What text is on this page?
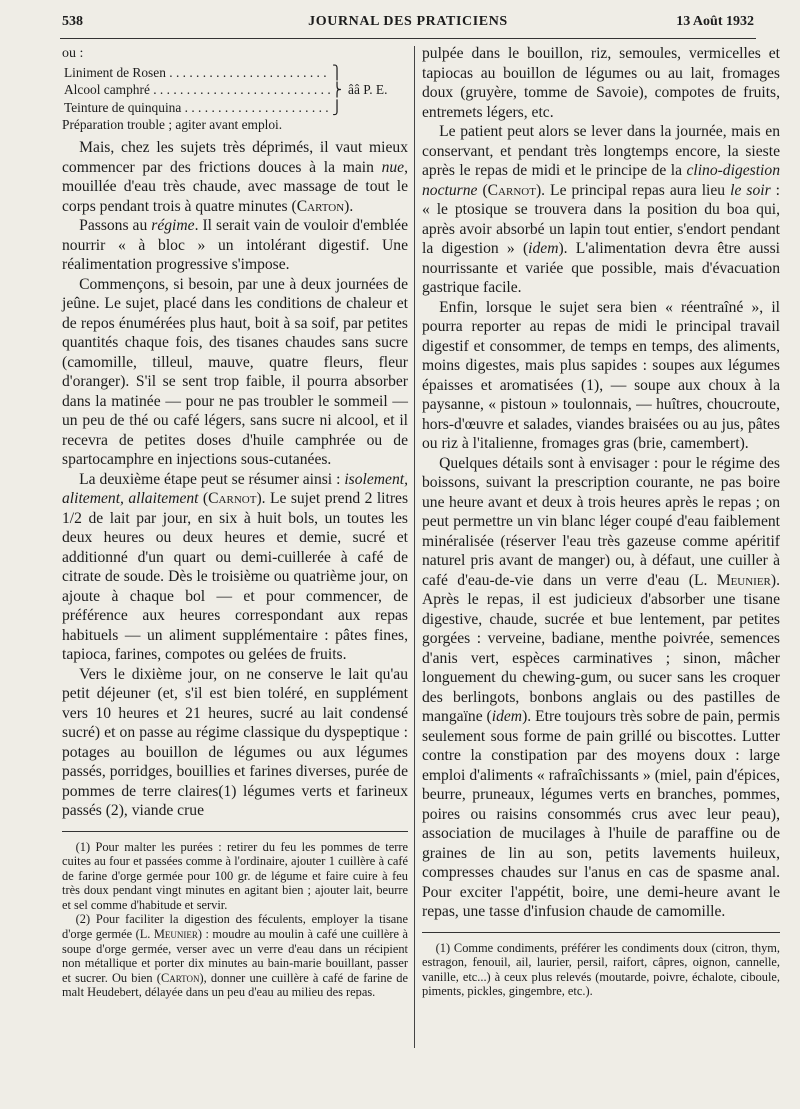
538	JOURNAL DES PRATICIENS	13 Août 1932

ou :

Liniment de Rosen . . .	⎫
Alcool camphré . . .	⎬ ââ P. E.
Teinture de quinquina . . .	⎭

Préparation trouble ; agiter avant emploi.

Mais, chez les sujets très déprimés, il vaut mieux commencer par des frictions douces à la main nue, mouillée d'eau très chaude, avec massage de tout le corps pendant trois à quatre minutes (Carton).

Passons au régime. Il serait vain de vouloir d'emblée nourrir « à bloc » un intolérant digestif. Une réalimentation progressive s'impose.

Commençons, si besoin, par une à deux journées de jeûne. Le sujet, placé dans les conditions de chaleur et de repos énumérées plus haut, boit à sa soif, par petites quantités chaque fois, des tisanes chaudes sans sucre (camomille, tilleul, mauve, quatre fleurs, fleur d'oranger). S'il se sent trop faible, il pourra absorber dans la matinée — pour ne pas troubler le sommeil — un peu de thé ou café légers, sans sucre ni alcool, et il recevra de petites doses d'huile camphrée ou de spartocamphre en injections sous-cutanées.

La deuxième étape peut se résumer ainsi : isolement, alitement, allaitement (Carnot). Le sujet prend 2 litres 1/2 de lait par jour, en six à huit bols, un toutes les deux heures ou deux heures et demie, sucré et additionné d'un quart ou demi-cuillerée à café de citrate de soude. Dès le troisième ou quatrième jour, on ajoute à chaque bol — et pour commencer, de préférence aux heures correspondant aux repas habituels — un aliment supplémentaire : pâtes fines, tapioca, farines, compotes ou gelées de fruits.

Vers le dixième jour, on ne conserve le lait qu'au petit déjeuner (et, s'il est bien toléré, en supplément vers 10 heures et 21 heures, sucré au lait condensé sucré) et on passe au régime classique du dyspeptique : potages au bouillon de légumes ou aux légumes passés, porridges, bouillies et farines diverses, purée de pommes de terre claires(1) légumes verts et farineux passés (2), viande crue

(1) Pour malter les purées : retirer du feu les pommes de terre cuites au four et passées comme à l'ordinaire, ajouter 1 cuillère à café de farine d'orge germée pour 100 gr. de légume et faire cuire à feu très doux pendant vingt minutes en agitant bien ; ajouter lait, beurre et sel comme d'habitude et servir.

(2) Pour faciliter la digestion des féculents, employer la tisane d'orge germée (L. Meunier) : moudre au moulin à café une cuillère à soupe d'orge germée, verser avec un verre d'eau dans un récipient non métallique et porter dix minutes au bain-marie bouillant, passer et sucrer. Ou bien (Carton), donner une cuillère à café de farine de malt Heudebert, délayée dans un peu d'eau au milieu des repas.

pulpée dans le bouillon, riz, semoules, vermicelles et tapiocas au bouillon de légumes ou au lait, fromages doux (gruyère, tomme de Savoie), compotes de fruits, entremets légers, etc.

Le patient peut alors se lever dans la journée, mais en conservant, et pendant très longtemps encore, la sieste après le repas de midi et le principe de la clino-digestion nocturne (Carnot). Le principal repas aura lieu le soir : « le ptosique se trouvera dans la position du boa qui, après avoir absorbé un lapin tout entier, s'endort pendant la digestion » (idem). L'alimentation devra être aussi nourrissante et variée que possible, mais d'évacuation gastrique facile.

Enfin, lorsque le sujet sera bien « réentraîné », il pourra reporter au repas de midi le principal travail digestif et consommer, de temps en temps, des aliments, moins digestes, mais plus sapides : soupes aux légumes épaisses et aromatisées (1), — soupe aux choux à la paysanne, « pistoun » toulonnais, — huîtres, choucroute, hors-d'œuvre et salades, viandes braisées ou au jus, pâtes ou riz à l'italienne, fromages gras (brie, camembert).

Quelques détails sont à envisager : pour le régime des boissons, suivant la prescription courante, ne pas boire une heure avant et deux à trois heures après le repas ; on peut permettre un vin blanc léger coupé d'eau faiblement minéralisée (réserver l'eau très gazeuse comme apéritif naturel pris avant de manger) ou, à défaut, une cuiller à café d'eau-de-vie dans un verre d'eau (L. Meunier). Après le repas, il est judicieux d'absorber une tisane digestive, chaude, sucrée et bue lentement, par petites gorgées : verveine, badiane, menthe poivrée, semences d'anis vert, espèces carminatives ; sinon, mâcher longuement du chewing-gum, ou sucer sans les croquer des berlingots, bonbons anglais ou des pastilles de mangaïne (idem). Etre toujours très sobre de pain, permis seulement sous forme de pain grillé ou biscottes. Lutter contre la constipation par des moyens doux : large emploi d'aliments « rafraîchissants » (miel, pain d'épices, beurre, pruneaux, légumes verts en branches, pommes, poires ou raisins consommés crus avec leur peau), association de mucilages à l'huile de paraffine ou de graines de lin au son, petits lavements huileux, compresses chaudes sur l'anus en cas de spasme anal. Pour exciter l'appétit, boire, une demi-heure avant le repas, une tasse d'infusion chaude de camomille.

(1) Comme condiments, préférer les condiments doux (citron, thym, estragon, fenouil, ail, laurier, persil, raifort, câpres, oignon, cannelle, vanille, etc...) à ceux plus relevés (moutarde, poivre, échalote, ciboule, piments, pickles, gingembre, etc.).
